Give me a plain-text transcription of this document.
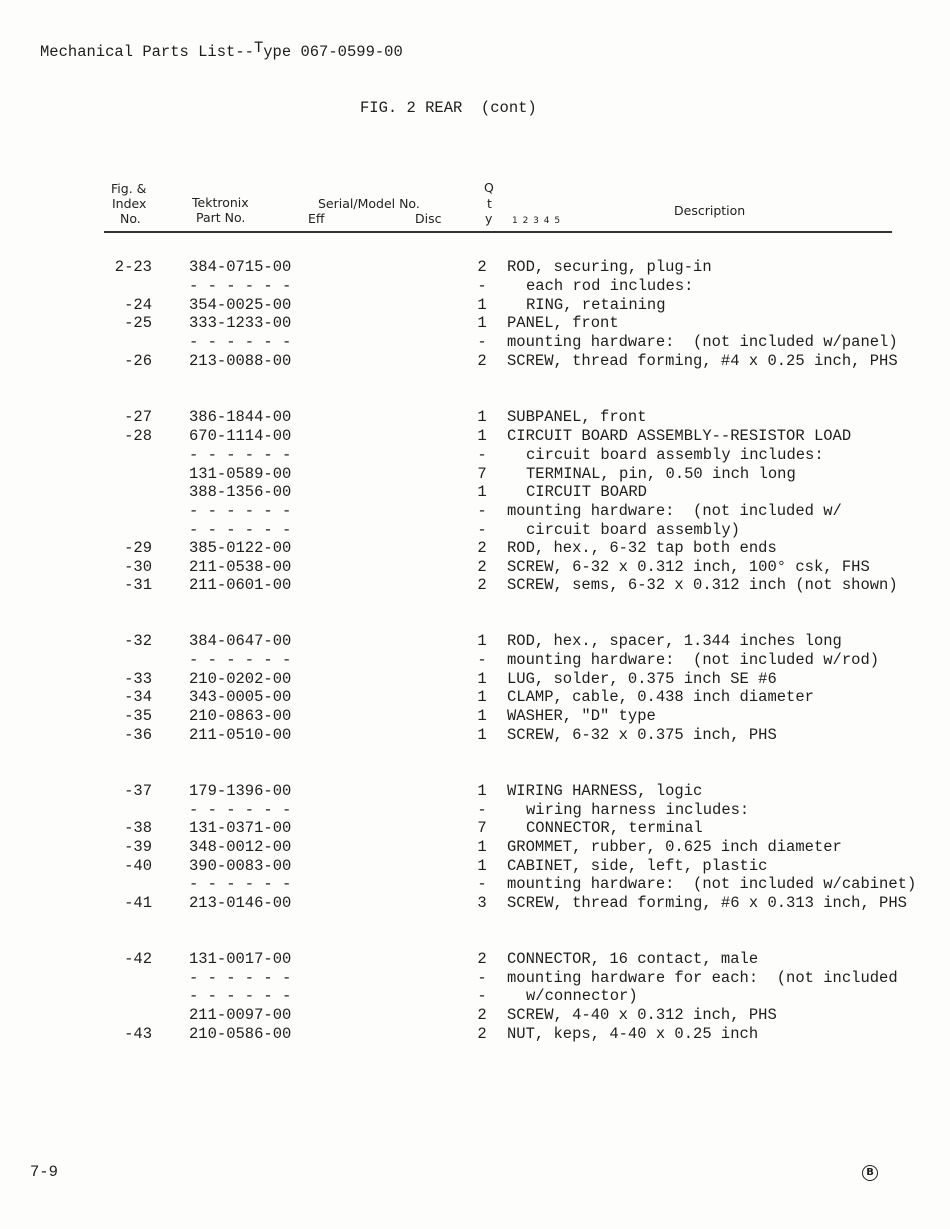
Mechanical Parts List--Type 067-0599-00
FIG. 2 REAR  (cont)
Fig. &
Index
No.
Tektronix
Part No.
Serial/Model No.
Eff	Disc
Q
t
y 1 2 3 4 5
Description
2-23 384-0715-00	2	ROD, securing, plug-in
- - - - - -	-	each rod includes:
-24 354-0025-00	1	RING, retaining
-25 333-1233-00	1	PANEL, front
- - - - - -	-	mounting hardware:  (not included w/panel)
-26 213-0088-00	2	SCREW, thread forming, #4 x 0.25 inch, PHS
-27 386-1844-00	1	SUBPANEL, front
-28 670-1114-00	1	CIRCUIT BOARD ASSEMBLY--RESISTOR LOAD
- - - - - -	-	circuit board assembly includes:
131-0589-00	7	TERMINAL, pin, 0.50 inch long
388-1356-00	1	CIRCUIT BOARD
- - - - - -	-	mounting hardware:  (not included w/
- - - - - -	-	circuit board assembly)
-29 385-0122-00	2	ROD, hex., 6-32 tap both ends
-30 211-0538-00	2	SCREW, 6-32 x 0.312 inch, 100° csk, FHS
-31 211-0601-00	2	SCREW, sems, 6-32 x 0.312 inch (not shown)
-32 384-0647-00	1	ROD, hex., spacer, 1.344 inches long
- - - - - -	-	mounting hardware:  (not included w/rod)
-33 210-0202-00	1	LUG, solder, 0.375 inch SE #6
-34 343-0005-00	1	CLAMP, cable, 0.438 inch diameter
-35 210-0863-00	1	WASHER, "D" type
-36 211-0510-00	1	SCREW, 6-32 x 0.375 inch, PHS
-37 179-1396-00	1	WIRING HARNESS, logic
- - - - - -	-	wiring harness includes:
-38 131-0371-00	7	CONNECTOR, terminal
-39 348-0012-00	1	GROMMET, rubber, 0.625 inch diameter
-40 390-0083-00	1	CABINET, side, left, plastic
- - - - - -	-	mounting hardware:  (not included w/cabinet)
-41 213-0146-00	3	SCREW, thread forming, #6 x 0.313 inch, PHS
-42 131-0017-00	2	CONNECTOR, 16 contact, male
- - - - - -	-	mounting hardware for each:  (not included
- - - - - -	-	w/connector)
211-0097-00	2	SCREW, 4-40 x 0.312 inch, PHS
-43 210-0586-00	2	NUT, keps, 4-40 x 0.25 inch
7-9	B
